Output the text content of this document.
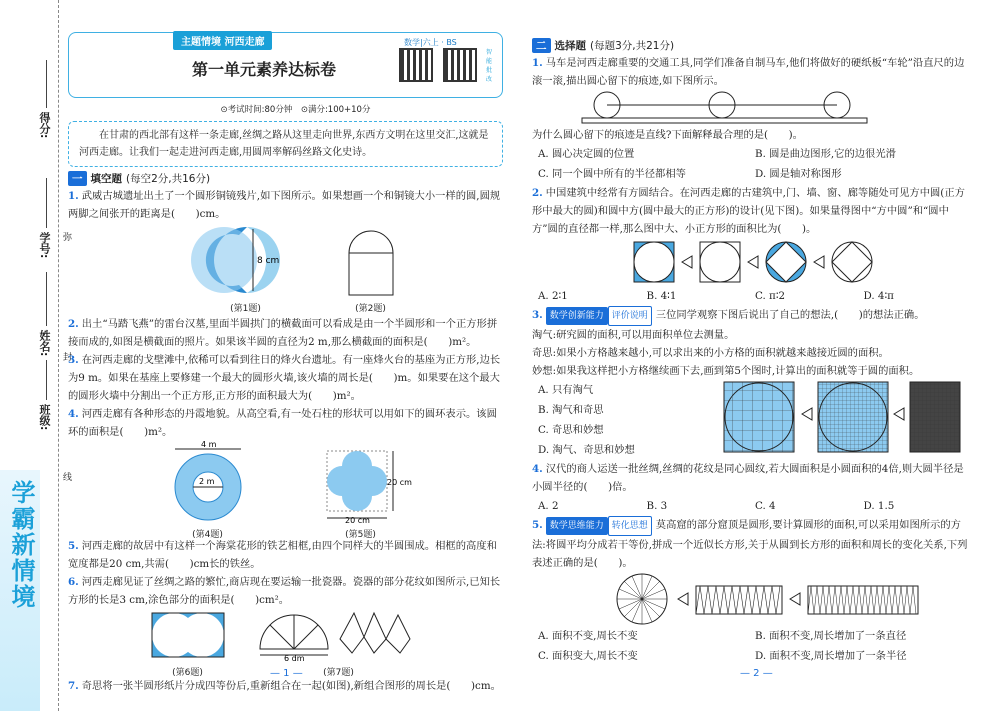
得分:
学号:
姓名:
班级:
弥
封
线
学霸新情境
主题情境 河西走廊	数学|六上 · BS
第一单元素养达标卷
智能批改
⊙考试时间:80分钟　⊙满分:100+10分
在甘肃的西北部有这样一条走廊,丝绸之路从这里走向世界,东西方文明在这里交汇,这就是河西走廊。让我们一起走进河西走廊,用圆周率解码丝路文化史诗。
一 填空题 (每空2分,共16分)
1. 武威古城遗址出土了一个圆形铜镜残片,如下图所示。如果想画一个和铜镜大小一样的圆,圆规两脚之间张开的距离是(　　)cm。
8 cm
(第1题)	(第2题)
2. 出土“马踏飞燕”的雷台汉墓,里面半圆拱门的横截面可以看成是由一个半圆形和一个正方形拼接而成的,如图是横截面的照片。如果该半圆的直径为2 m,那么横截面的面积是(　　)m²。
3. 在河西走廊的戈壁滩中,依稀可以看到往日的烽火台遗址。有一座烽火台的基座为正方形,边长为9 m。如果在基座上要修建一个最大的圆形火墙,该火墙的周长是(　　)m。如果要在这个最大的圆形火墙中分割出一个正方形,正方形的面积最大为(　　)m²。
4. 河西走廊有各种形态的丹霞地貌。从高空看,有一处石柱的形状可以用如下的圆环表示。该圆环的面积是(　　)m²。
4 m
2 m
(第4题)
20 cm
20 cm
(第5题)
5. 河西走廊的故居中有这样一个海棠花形的铁艺相框,由四个同样大的半圆围成。相框的高度和宽度都是20 cm,共需(　　)cm长的铁丝。
6. 河西走廊见证了丝绸之路的繁忙,商店现在要运输一批瓷器。瓷器的部分花纹如图所示,已知长方形的长是3 cm,涂色部分的面积是(　　)cm²。
(第6题)
6 dm
(第7题)
7. 奇思将一张半圆形纸片分成四等份后,重新组合在一起(如图),新组合图形的周长是(　　)cm。
— 1 —
二 选择题 (每题3分,共21分)
1. 马车是河西走廊重要的交通工具,同学们准备自制马车,他们将做好的硬纸板“车轮”沿直尺的边滚一滚,描出圆心留下的痕迹,如下图所示。
为什么圆心留下的痕迹是直线?下面解释最合理的是(　　)。
A. 圆心决定圆的位置	B. 圆是曲边图形,它的边很光滑
C. 同一个圆中所有的半径都相等	D. 圆是轴对称图形
2. 中国建筑中经常有方圆结合。在河西走廊的古建筑中,门、墙、窗、廊等随处可见方中圆(正方形中最大的圆)和圆中方(圆中最大的正方形)的设计(见下图)。如果量得图中“方中圆”和“圆中方”圆的直径都一样,那么图中大、小正方形的面积比为(　　)。
A. 2∶1	B. 4∶1	C. π∶2	D. 4∶π
3. 数学创新能力 评价说明 三位同学观察下图后说出了自己的想法,(　　)的想法正确。
淘气:研究圆的面积,可以用面积单位去测量。
奇思:如果小方格越来越小,可以求出来的小方格的面积就越来越接近圆的面积。
妙想:如果我这样把小方格继续画下去,画到第5个图时,计算出的面积就等于圆的面积。
A. 只有淘气
B. 淘气和奇思
C. 奇思和妙想
D. 淘气、奇思和妙想
4. 汉代的商人运送一批丝绸,丝绸的花纹是同心圆纹,若大圆面积是小圆面积的4倍,则大圆半径是小圆半径的(　　)倍。
A. 2	B. 3	C. 4	D. 1.5
5. 数学思维能力 转化思想 莫高窟的部分窟顶是圆形,要计算圆形的面积,可以采用如图所示的方法:将圆平均分成若干等份,拼成一个近似长方形,关于从圆到长方形的面积和周长的变化关系,下列表述正确的是(　　)。
A. 面积不变,周长不变	B. 面积不变,周长增加了一条直径
C. 面积变大,周长不变	D. 面积不变,周长增加了一条半径
— 2 —
